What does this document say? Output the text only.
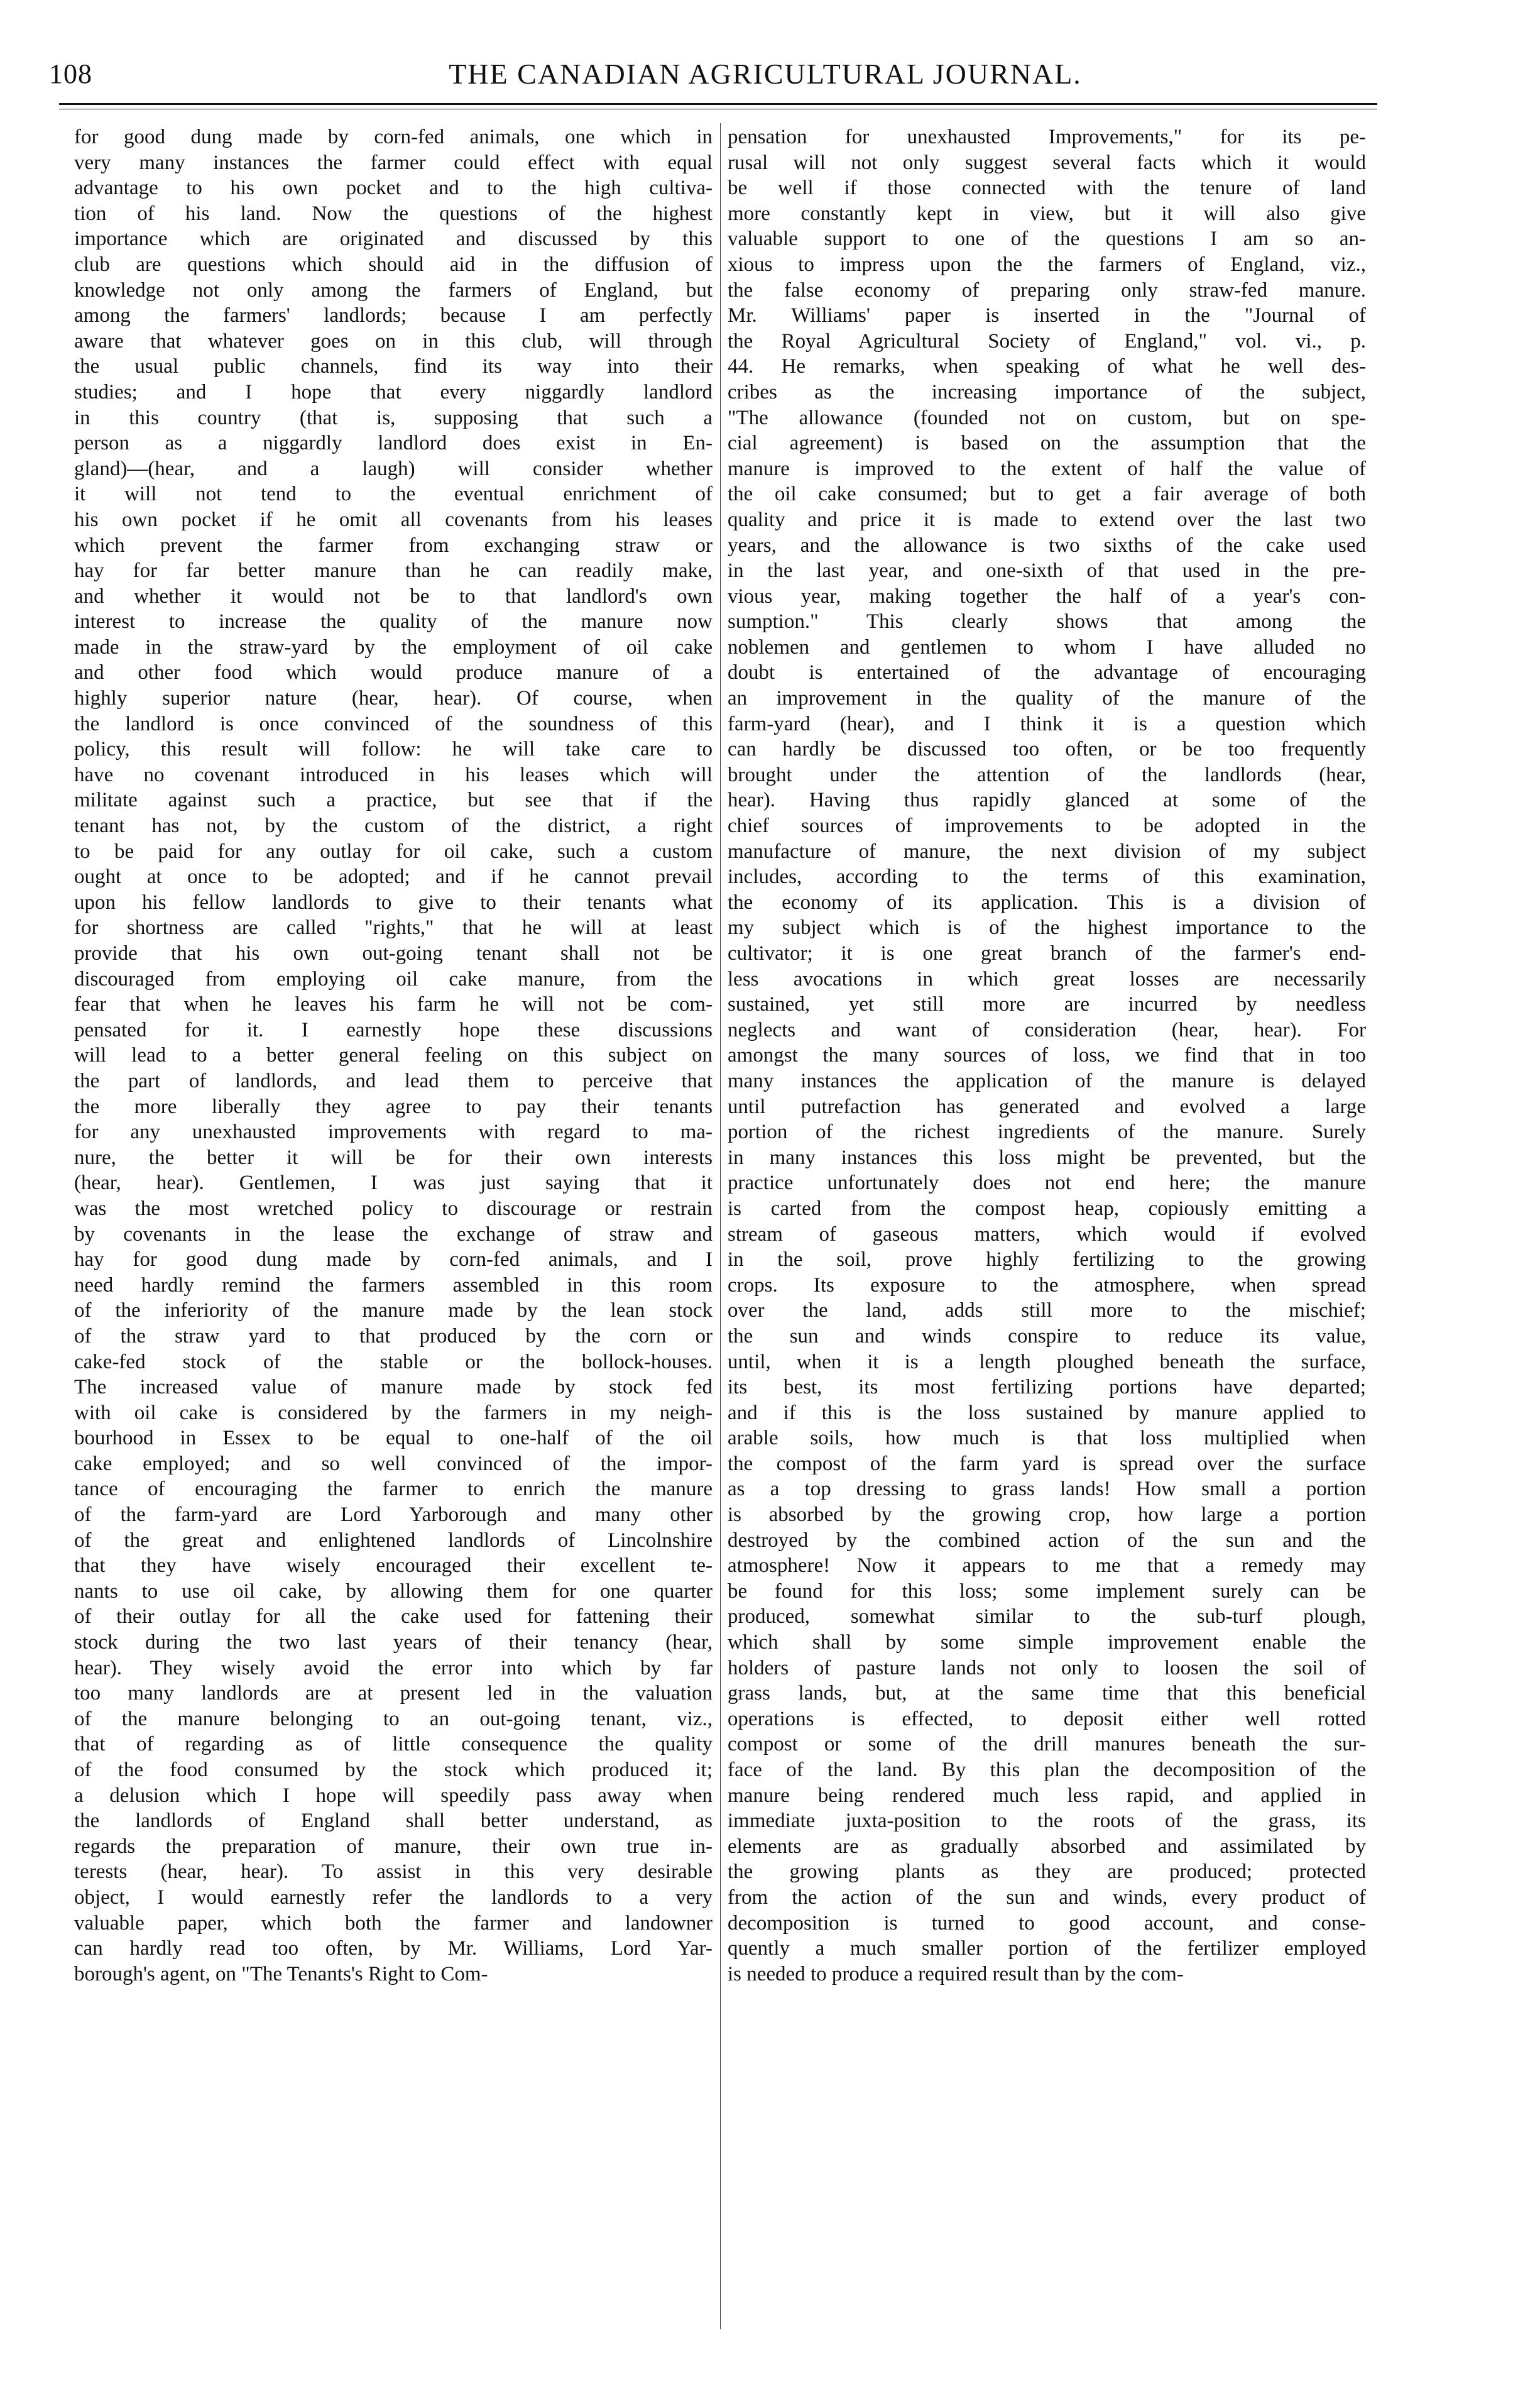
108	THE CANADIAN AGRICULTURAL JOURNAL.
for good dung made by corn-fed animals, one which in
very many instances the farmer could effect with equal
advantage to his own pocket and to the high cultiva-
tion of his land. Now the questions of the highest
importance which are originated and discussed by this
club are questions which should aid in the diffusion of
knowledge not only among the farmers of England, but
among the farmers' landlords; because I am perfectly
aware that whatever goes on in this club, will through
the usual public channels, find its way into their
studies; and I hope that every niggardly landlord
in this country (that is, supposing that such a
person as a niggardly landlord does exist in En-
gland)—(hear, and a laugh) will consider whether
it will not tend to the eventual enrichment of
his own pocket if he omit all covenants from his leases
which prevent the farmer from exchanging straw or
hay for far better manure than he can readily make,
and whether it would not be to that landlord's own
interest to increase the quality of the manure now
made in the straw-yard by the employment of oil cake
and other food which would produce manure of a
highly superior nature (hear, hear). Of course, when
the landlord is once convinced of the soundness of this
policy, this result will follow: he will take care to
have no covenant introduced in his leases which will
militate against such a practice, but see that if the
tenant has not, by the custom of the district, a right
to be paid for any outlay for oil cake, such a custom
ought at once to be adopted; and if he cannot prevail
upon his fellow landlords to give to their tenants what
for shortness are called "rights," that he will at least
provide that his own out-going tenant shall not be
discouraged from employing oil cake manure, from the
fear that when he leaves his farm he will not be com-
pensated for it. I earnestly hope these discussions
will lead to a better general feeling on this subject on
the part of landlords, and lead them to perceive that
the more liberally they agree to pay their tenants
for any unexhausted improvements with regard to ma-
nure, the better it will be for their own interests
(hear, hear). Gentlemen, I was just saying that it
was the most wretched policy to discourage or restrain
by covenants in the lease the exchange of straw and
hay for good dung made by corn-fed animals, and I
need hardly remind the farmers assembled in this room
of the inferiority of the manure made by the lean stock
of the straw yard to that produced by the corn or
cake-fed stock of the stable or the bollock-houses.
The increased value of manure made by stock fed
with oil cake is considered by the farmers in my neigh-
bourhood in Essex to be equal to one-half of the oil
cake employed; and so well convinced of the impor-
tance of encouraging the farmer to enrich the manure
of the farm-yard are Lord Yarborough and many other
of the great and enlightened landlords of Lincolnshire
that they have wisely encouraged their excellent te-
nants to use oil cake, by allowing them for one quarter
of their outlay for all the cake used for fattening their
stock during the two last years of their tenancy (hear,
hear). They wisely avoid the error into which by far
too many landlords are at present led in the valuation
of the manure belonging to an out-going tenant, viz.,
that of regarding as of little consequence the quality
of the food consumed by the stock which produced it;
a delusion which I hope will speedily pass away when
the landlords of England shall better understand, as
regards the preparation of manure, their own true in-
terests (hear, hear). To assist in this very desirable
object, I would earnestly refer the landlords to a very
valuable paper, which both the farmer and landowner
can hardly read too often, by Mr. Williams, Lord Yar-
borough's agent, on "The Tenants's Right to Com-
pensation for unexhausted Improvements," for its pe-
rusal will not only suggest several facts which it would
be well if those connected with the tenure of land
more constantly kept in view, but it will also give
valuable support to one of the questions I am so an-
xious to impress upon the the farmers of England, viz.,
the false economy of preparing only straw-fed manure.
Mr. Williams' paper is inserted in the "Journal of
the Royal Agricultural Society of England," vol. vi., p.
44. He remarks, when speaking of what he well des-
cribes as the increasing importance of the subject,
"The allowance (founded not on custom, but on spe-
cial agreement) is based on the assumption that the
manure is improved to the extent of half the value of
the oil cake consumed; but to get a fair average of both
quality and price it is made to extend over the last two
years, and the allowance is two sixths of the cake used
in the last year, and one-sixth of that used in the pre-
vious year, making together the half of a year's con-
sumption." This clearly shows that among the
noblemen and gentlemen to whom I have alluded no
doubt is entertained of the advantage of encouraging
an improvement in the quality of the manure of the
farm-yard (hear), and I think it is a question which
can hardly be discussed too often, or be too frequently
brought under the attention of the landlords (hear,
hear). Having thus rapidly glanced at some of the
chief sources of improvements to be adopted in the
manufacture of manure, the next division of my subject
includes, according to the terms of this examination,
the economy of its application. This is a division of
my subject which is of the highest importance to the
cultivator; it is one great branch of the farmer's end-
less avocations in which great losses are necessarily
sustained, yet still more are incurred by needless
neglects and want of consideration (hear, hear). For
amongst the many sources of loss, we find that in too
many instances the application of the manure is delayed
until putrefaction has generated and evolved a large
portion of the richest ingredients of the manure. Surely
in many instances this loss might be prevented, but the
practice unfortunately does not end here; the manure
is carted from the compost heap, copiously emitting a
stream of gaseous matters, which would if evolved
in the soil, prove highly fertilizing to the growing
crops. Its exposure to the atmosphere, when spread
over the land, adds still more to the mischief;
the sun and winds conspire to reduce its value,
until, when it is a length ploughed beneath the surface,
its best, its most fertilizing portions have departed;
and if this is the loss sustained by manure applied to
arable soils, how much is that loss multiplied when
the compost of the farm yard is spread over the surface
as a top dressing to grass lands! How small a portion
is absorbed by the growing crop, how large a portion
destroyed by the combined action of the sun and the
atmosphere! Now it appears to me that a remedy may
be found for this loss; some implement surely can be
produced, somewhat similar to the sub-turf plough,
which shall by some simple improvement enable the
holders of pasture lands not only to loosen the soil of
grass lands, but, at the same time that this beneficial
operations is effected, to deposit either well rotted
compost or some of the drill manures beneath the sur-
face of the land. By this plan the decomposition of the
manure being rendered much less rapid, and applied in
immediate juxta-position to the roots of the grass, its
elements are as gradually absorbed and assimilated by
the growing plants as they are produced; protected
from the action of the sun and winds, every product of
decomposition is turned to good account, and conse-
quently a much smaller portion of the fertilizer employed
is needed to produce a required result than by the com-
